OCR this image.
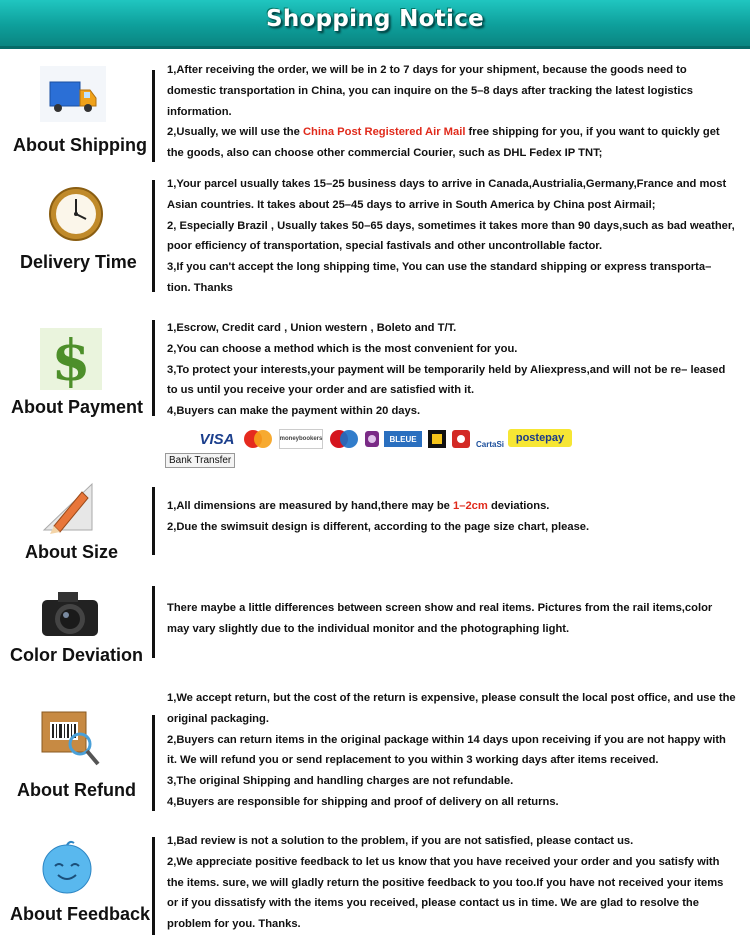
Shopping Notice
About Shipping

1,After receiving the order, we will be in 2 to 7 days for your shipment, because the goods need to domestic transportation in China, you can inquire on the 5–8 days after tracking the latest logistics information.

2,Usually, we will use the China Post Registered Air Mail free shipping for you, if you want to quickly get the goods, also can choose other commercial Courier, such as DHL Fedex IP TNT;

Delivery Time

1,Your parcel usually takes 15–25 business days to arrive in Canada,Austrialia,Germany,France and most Asian countries. It takes about 25–45 days to arrive in South America by China post Airmail;

2, Especially Brazil , Usually takes 50–65 days, sometimes it takes more than 90 days,such as bad weather, poor efficiency of transportation, special fastivals and other uncontrollable factor.

3,If you can't accept the long shipping time, You can use the standard shipping or express transporta– tion. Thanks

$
About Payment

1,Escrow, Credit card , Union western , Boleto and T/T.

2,You can choose a method which is the most convenient for you.

3,To protect your interests,your payment will be temporarily held by Aliexpress,and will not be re– leased to us until you receive your order and are satisfied with it.

4,Buyers can make the payment within 20 days.

VISA	moneybookers	BLEUE
CartaSi
postepay
Bank Transfer
About Size

1,All dimensions are measured by hand,there may be 1–2cm deviations.

2,Due the swimsuit design is different, according to the page size chart, please.

Color Deviation

There maybe a little differences between screen show and real items. Pictures from the rail items,color may vary slightly due to the individual monitor and the photographing light.

About Refund

1,We accept return, but the cost of the return is expensive, please consult the local post office, and use the original packaging.

2,Buyers can return items in the original package within 14 days upon receiving if you are not happy with it. We will refund you or send replacement to you within 3 working days after items received.

3,The original Shipping and handling charges are not refundable.

4,Buyers are responsible for shipping and proof of delivery on all returns.

About Feedback

1,Bad review is not a solution to the problem, if you are not satisfied, please contact us.

2,We appreciate positive feedback to let us know that you have received your order and you satisfy with the items. sure, we will gladly return the positive feedback to you too.If you have not received your items or if you dissatisfy with the items you received, please contact us in time. We are glad to resolve the problem for you. Thanks.
